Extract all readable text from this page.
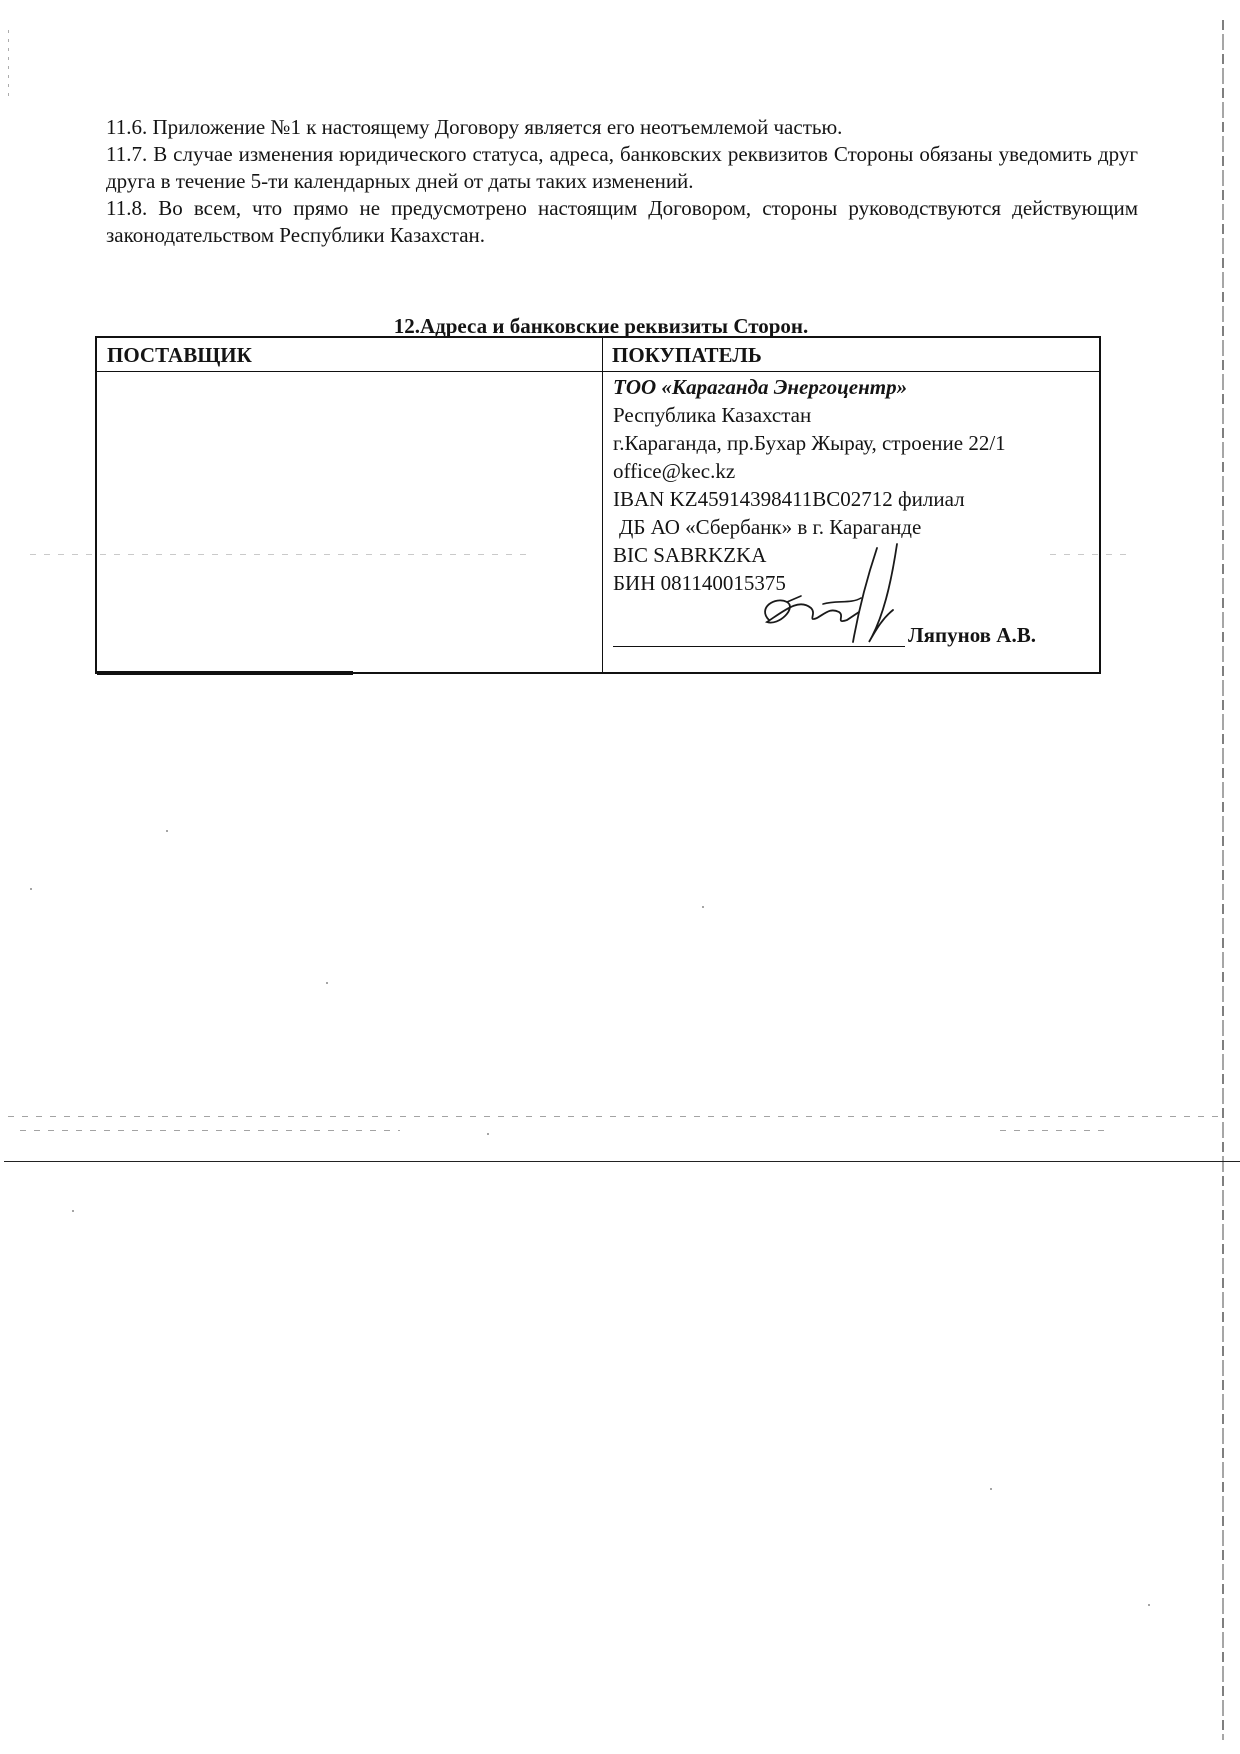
11.6. Приложение №1 к настоящему Договору является его неотъемлемой частью.

11.7. В случае изменения юридического статуса, адреса, банковских реквизитов Стороны обязаны уведомить друг друга в течение 5-ти календарных дней от даты таких изменений.

11.8. Во всем, что прямо не предусмотрено настоящим Договором, стороны руководствуются действующим законодательством Республики Казахстан.

12.Адреса и банковские реквизиты Сторон.
ПОСТАВЩИК	ПОКУПАТЕЛЬ
ТОО «Караганда Энергоцентр»
Республика Казахстан
г.Караганда, пр.Бухар Жырау, строение 22/1
office@kec.kz
IBAN KZ45914398411BC02712 филиал
ДБ АО «Сбербанк» в г. Караганде
BIC SABRKZKA
БИН 081140015375
Ляпунов А.В.
